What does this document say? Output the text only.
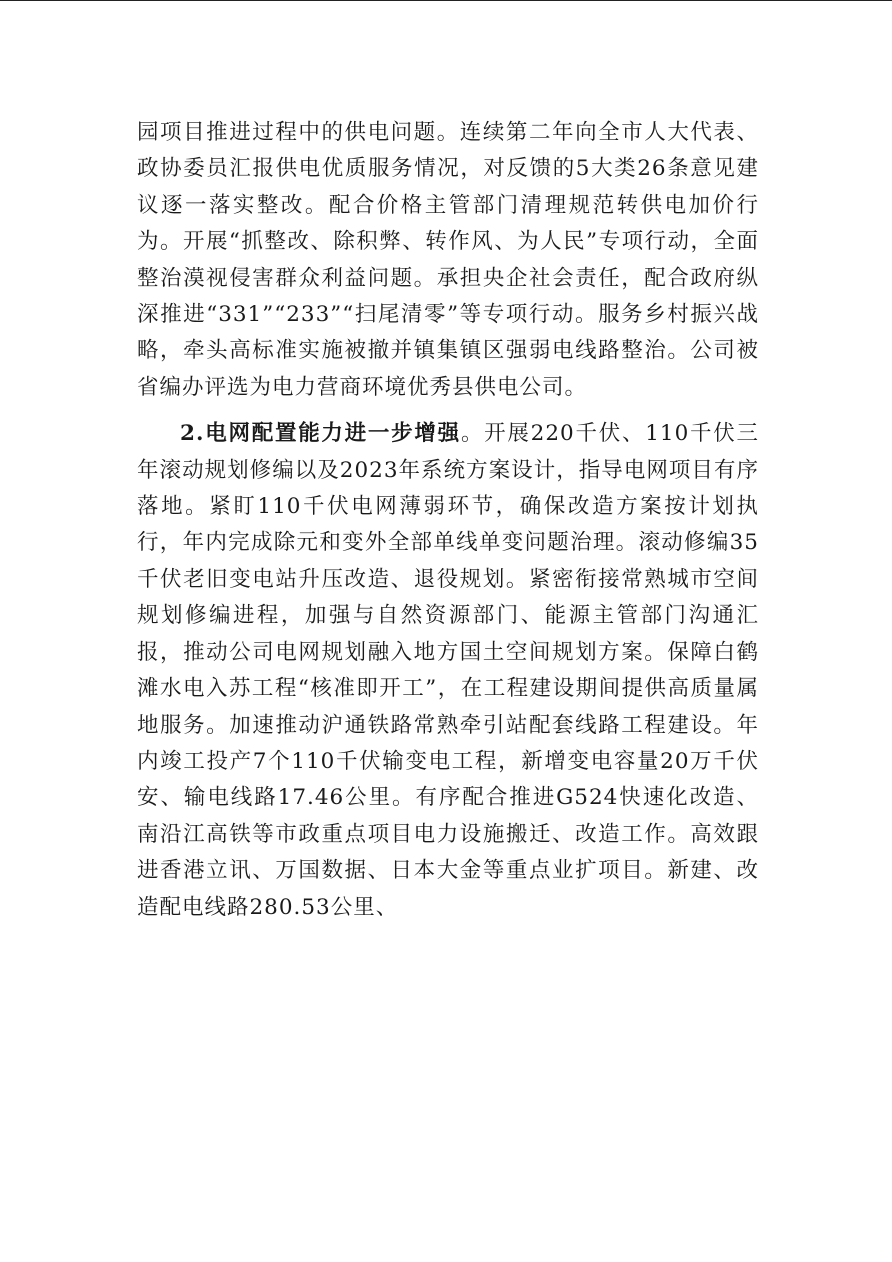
园项目推进过程中的供电问题。连续第二年向全市人大代表、政协委员汇报供电优质服务情况，对反馈的5大类26条意见建议逐一落实整改。配合价格主管部门清理规范转供电加价行为。开展“抓整改、除积弊、转作风、为人民”专项行动，全面整治漠视侵害群众利益问题。承担央企社会责任，配合政府纵深推进“331”“233”“扫尾清零”等专项行动。服务乡村振兴战略，牵头高标准实施被撤并镇集镇区强弱电线路整治。公司被省编办评选为电力营商环境优秀县供电公司。

2.电网配置能力进一步增强。开展220千伏、110千伏三年滚动规划修编以及2023年系统方案设计，指导电网项目有序落地。紧盯110千伏电网薄弱环节，确保改造方案按计划执行，年内完成除元和变外全部单线单变问题治理。滚动修编35千伏老旧变电站升压改造、退役规划。紧密衔接常熟城市空间规划修编进程，加强与自然资源部门、能源主管部门沟通汇报，推动公司电网规划融入地方国土空间规划方案。保障白鹤滩水电入苏工程“核准即开工”，在工程建设期间提供高质量属地服务。加速推动沪通铁路常熟牵引站配套线路工程建设。年内竣工投产7个110千伏输变电工程，新增变电容量20万千伏安、输电线路17.46公里。有序配合推进G524快速化改造、南沿江高铁等市政重点项目电力设施搬迁、改造工作。高效跟进香港立讯、万国数据、日本大金等重点业扩项目。新建、改造配电线路280.53公里、
